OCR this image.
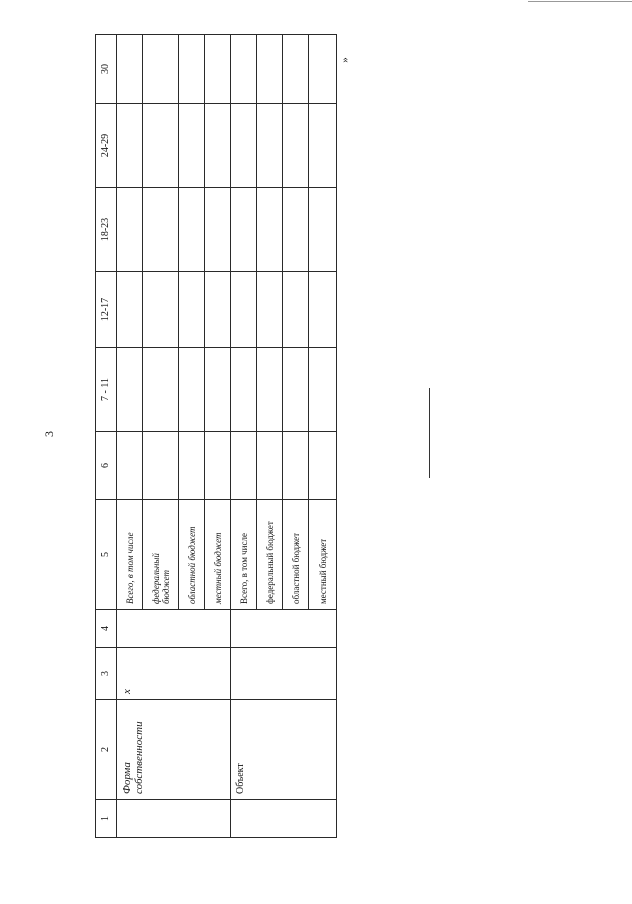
3
»
1	2	3	4	5	6	7 - 11	12-17	18-23	24-29	30
	Форма собственности	x		Всего, в том числе						

				федеральный бюджет						

				областной бюджет						
				местный бюджет						
	Объект			Всего, в том числе						
				федеральный бюджет						
				областной бюджет						
				местный бюджет						
